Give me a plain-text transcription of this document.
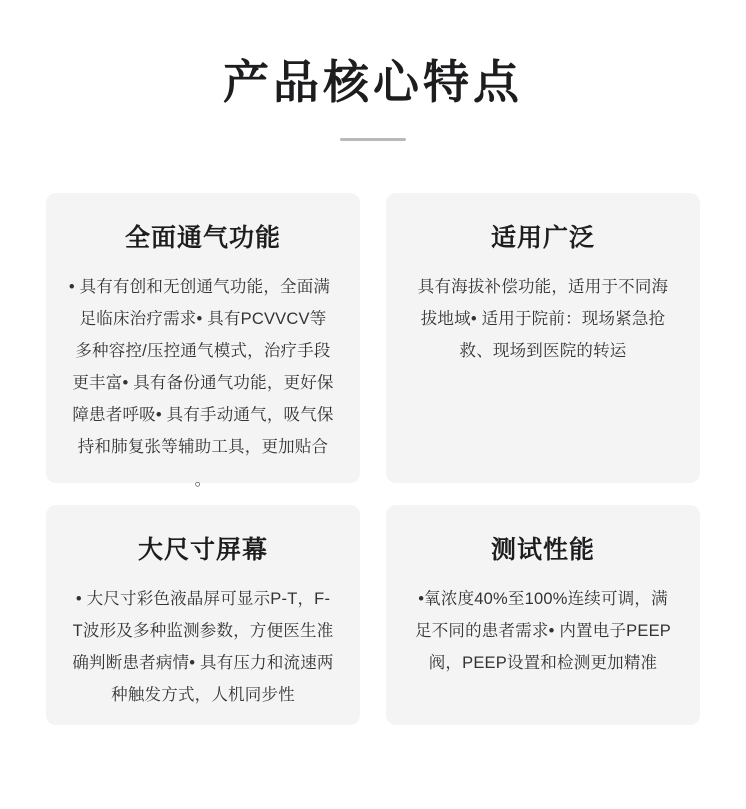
产品核心特点
全面通气功能
• 具有有创和无创通气功能，全面满足临床治疗需求• 具有PCVVCV等多种容控/压控通气模式，治疗手段更丰富• 具有备份通气功能，更好保障患者呼吸• 具有手动通气，吸气保持和肺复张等辅助工具，更加贴合 。
适用广泛
具有海拔补偿功能，适用于不同海拔地域• 适用于院前：现场紧急抢救、现场到医院的转运
大尺寸屏幕
• 大尺寸彩色液晶屏可显示P-T，F-T波形及多种监测参数，方便医生准确判断患者病情• 具有压力和流速两种触发方式，人机同步性
测试性能
•氧浓度40%至100%连续可调，满足不同的患者需求• 内置电子PEEP阀，PEEP设置和检测更加精准
